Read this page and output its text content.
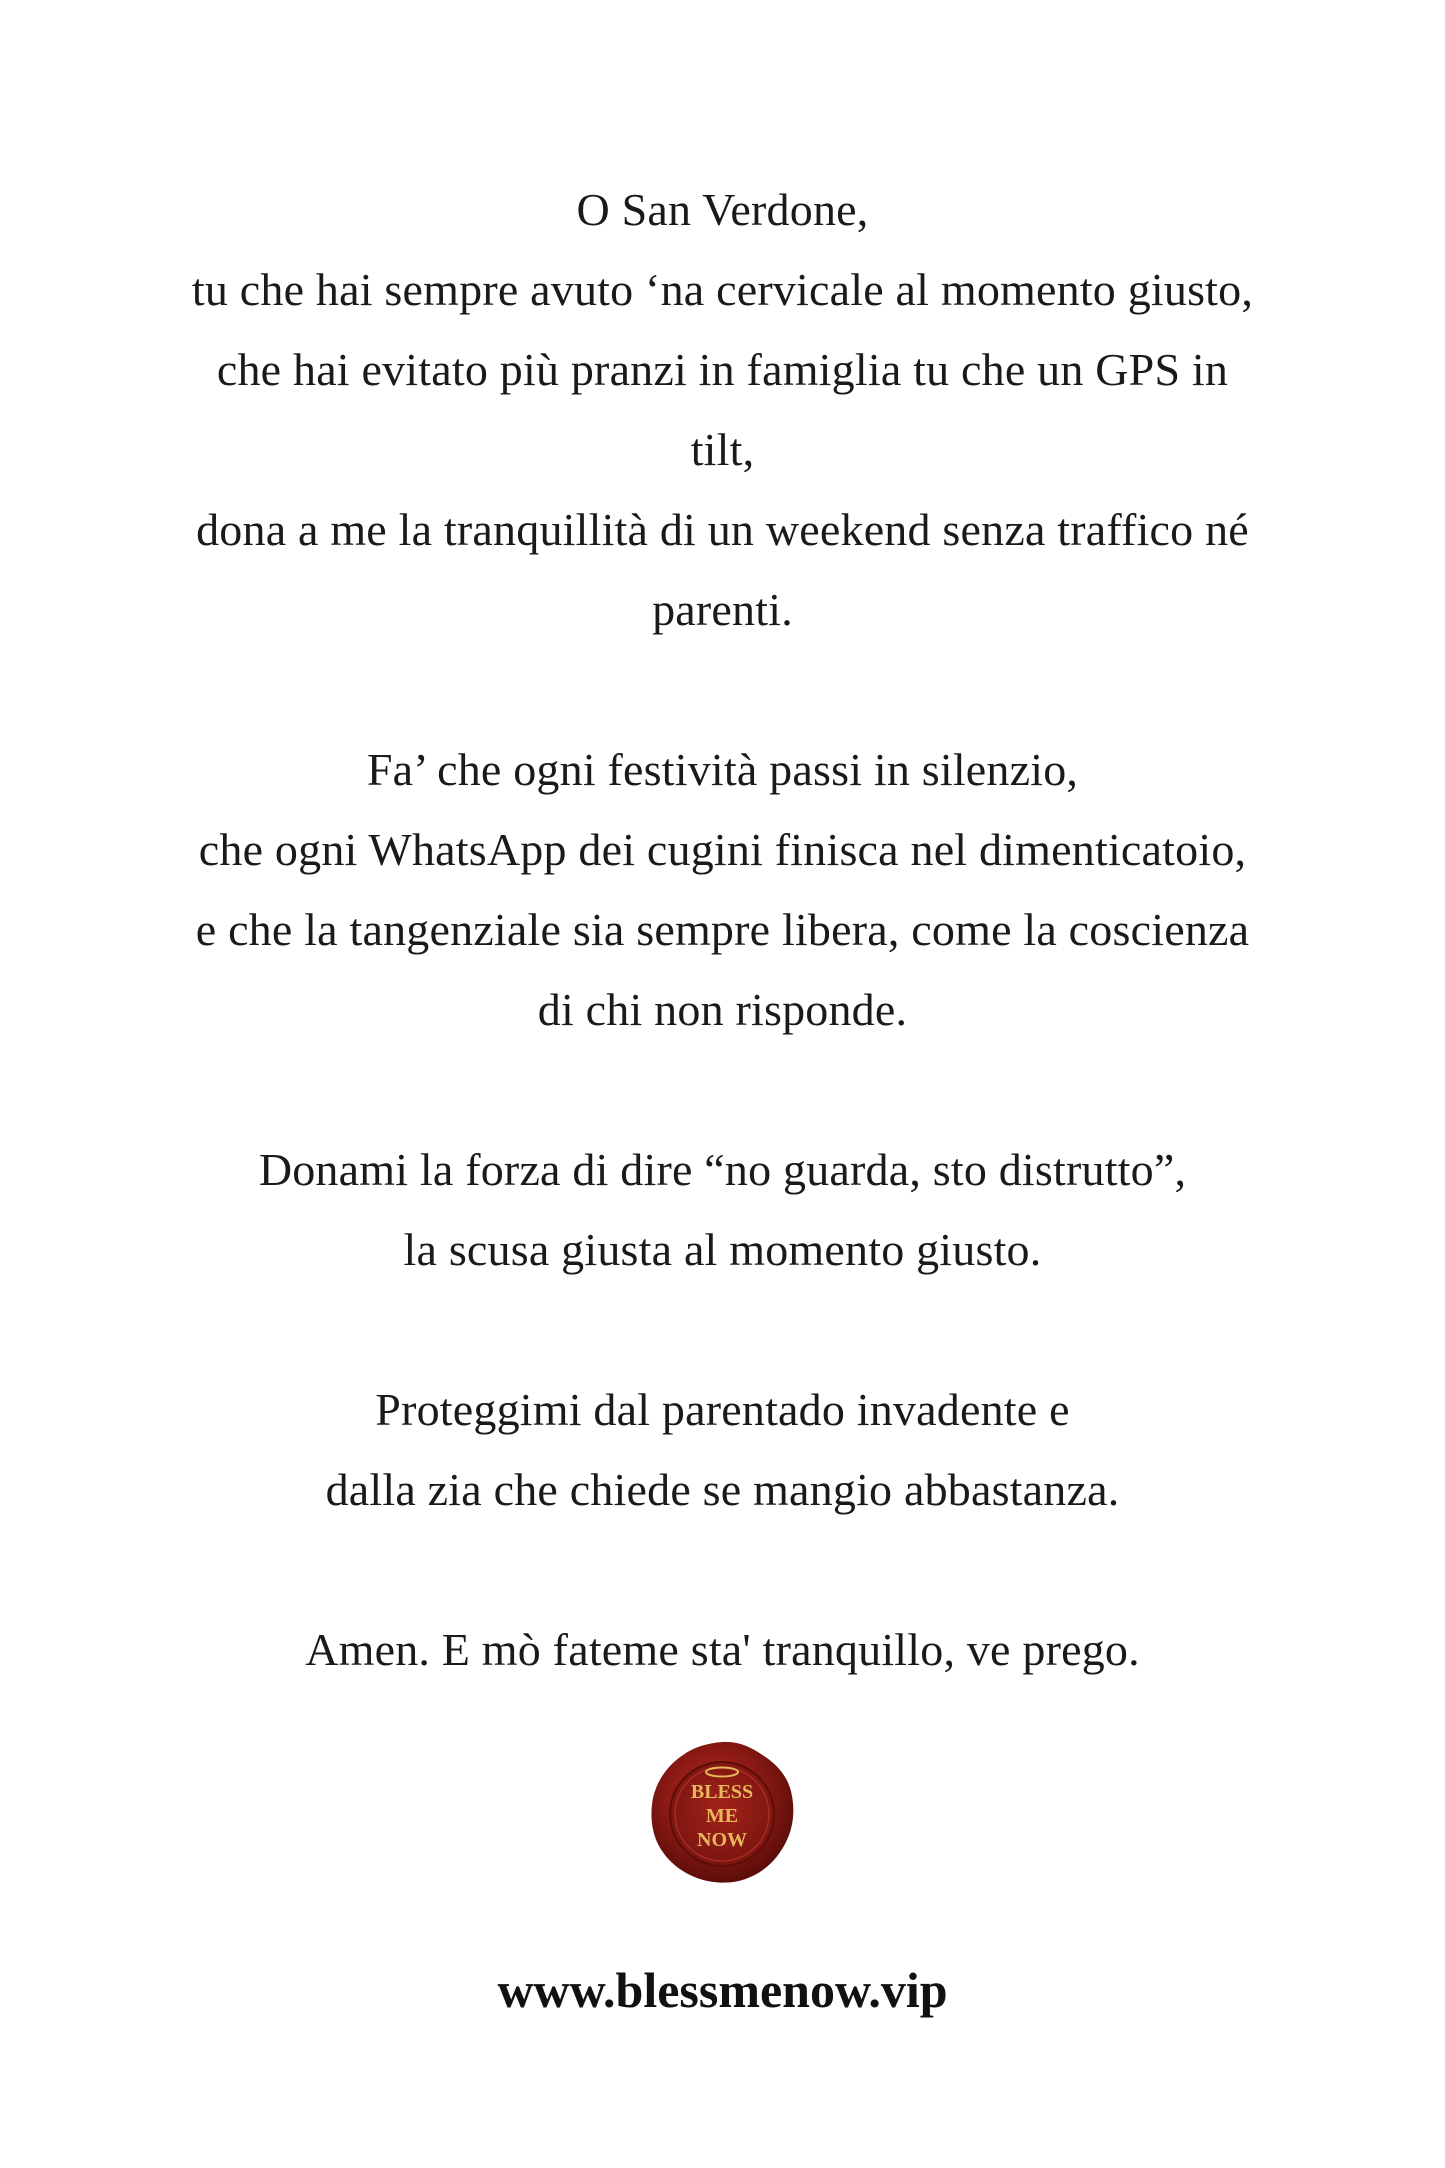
O San Verdone,
tu che hai sempre avuto ‘na cervicale al momento giusto,
che hai evitato più pranzi in famiglia tu che un GPS in
tilt,
dona a me la tranquillità di un weekend senza traffico né
parenti.
Fa’ che ogni festività passi in silenzio,
che ogni WhatsApp dei cugini finisca nel dimenticatoio,
e che la tangenziale sia sempre libera, come la coscienza
di chi non risponde.
Donami la forza di dire “no guarda, sto distrutto”,
la scusa giusta al momento giusto.
Proteggimi dal parentado invadente e
dalla zia che chiede se mangio abbastanza.
Amen. E mò fateme sta' tranquillo, ve prego.
BLESS
ME
NOW
www.blessmenow.vip
